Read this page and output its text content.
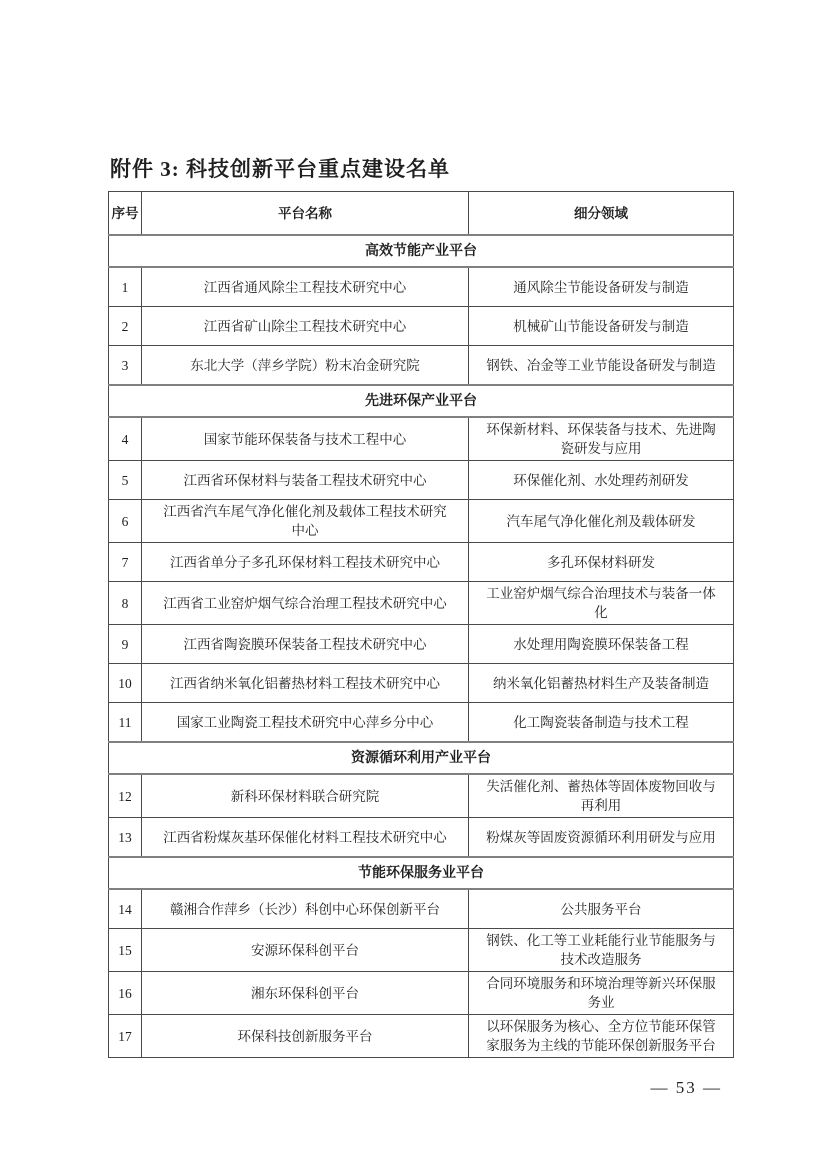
附件 3: 科技创新平台重点建设名单
序号	平台名称	细分领域
高效节能产业平台		
1	江西省通风除尘工程技术研究中心	通风除尘节能设备研发与制造
2	江西省矿山除尘工程技术研究中心	机械矿山节能设备研发与制造
3	东北大学（萍乡学院）粉末冶金研究院	钢铁、冶金等工业节能设备研发与制造
先进环保产业平台		
4	国家节能环保装备与技术工程中心	环保新材料、环保装备与技术、先进陶瓷研发与应用
5	江西省环保材料与装备工程技术研究中心	环保催化剂、水处理药剂研发
6	江西省汽车尾气净化催化剂及载体工程技术研究中心	汽车尾气净化催化剂及载体研发
7	江西省单分子多孔环保材料工程技术研究中心	多孔环保材料研发
8	江西省工业窑炉烟气综合治理工程技术研究中心	工业窑炉烟气综合治理技术与装备一体化
9	江西省陶瓷膜环保装备工程技术研究中心	水处理用陶瓷膜环保装备工程
10	江西省纳米氧化铝蓄热材料工程技术研究中心	纳米氧化铝蓄热材料生产及装备制造
11	国家工业陶瓷工程技术研究中心萍乡分中心	化工陶瓷装备制造与技术工程
资源循环利用产业平台		
12	新科环保材料联合研究院	失活催化剂、蓄热体等固体废物回收与再利用
13	江西省粉煤灰基环保催化材料工程技术研究中心	粉煤灰等固废资源循环利用研发与应用
节能环保服务业平台		
14	赣湘合作萍乡（长沙）科创中心环保创新平台	公共服务平台
15	安源环保科创平台	钢铁、化工等工业耗能行业节能服务与技术改造服务
16	湘东环保科创平台	合同环境服务和环境治理等新兴环保服务业
17	环保科技创新服务平台	以环保服务为核心、全方位节能环保管家服务为主线的节能环保创新服务平台
— 53 —
